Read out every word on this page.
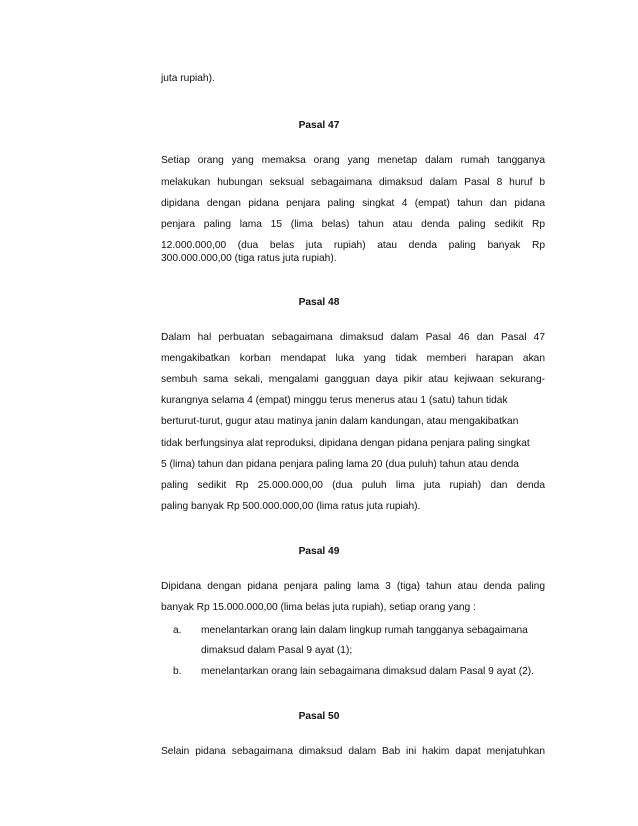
juta rupiah).
Pasal 47
Setiap orang yang memaksa orang yang menetap dalam rumah tangganya
melakukan hubungan seksual sebagaimana dimaksud dalam Pasal 8 huruf b
dipidana dengan pidana penjara paling singkat 4 (empat) tahun dan pidana
penjara paling lama 15 (lima belas) tahun atau denda paling sedikit Rp
12.000.000,00 (dua belas juta rupiah) atau denda paling banyak Rp
300.000.000,00 (tiga ratus juta rupiah).
Pasal 48
Dalam hal perbuatan sebagaimana dimaksud dalam Pasal 46 dan Pasal 47
mengakibatkan korban mendapat luka yang tidak memberi harapan akan
sembuh sama sekali, mengalami gangguan daya pikir atau kejiwaan sekurang-
kurangnya selama 4 (empat) minggu terus menerus atau 1 (satu) tahun tidak
berturut-turut, gugur atau matinya janin dalam kandungan, atau mengakibatkan
tidak berfungsinya alat reproduksi, dipidana dengan pidana penjara paling singkat
5 (lima) tahun dan pidana penjara paling lama 20 (dua puluh) tahun atau denda
paling sedikit Rp 25.000.000,00 (dua puluh lima juta rupiah) dan denda
paling banyak Rp 500.000.000,00 (lima ratus juta rupiah).
Pasal 49
Dipidana dengan pidana penjara paling lama 3 (tiga) tahun atau denda paling
banyak Rp 15.000.000,00 (lima belas juta rupiah), setiap orang yang :
a. menelantarkan orang lain dalam lingkup rumah tangganya sebagaimana
dimaksud dalam Pasal 9 ayat (1);
b. menelantarkan orang lain sebagaimana dimaksud dalam Pasal 9 ayat (2).
Pasal 50
Selain pidana sebagaimana dimaksud dalam Bab ini hakim dapat menjatuhkan
